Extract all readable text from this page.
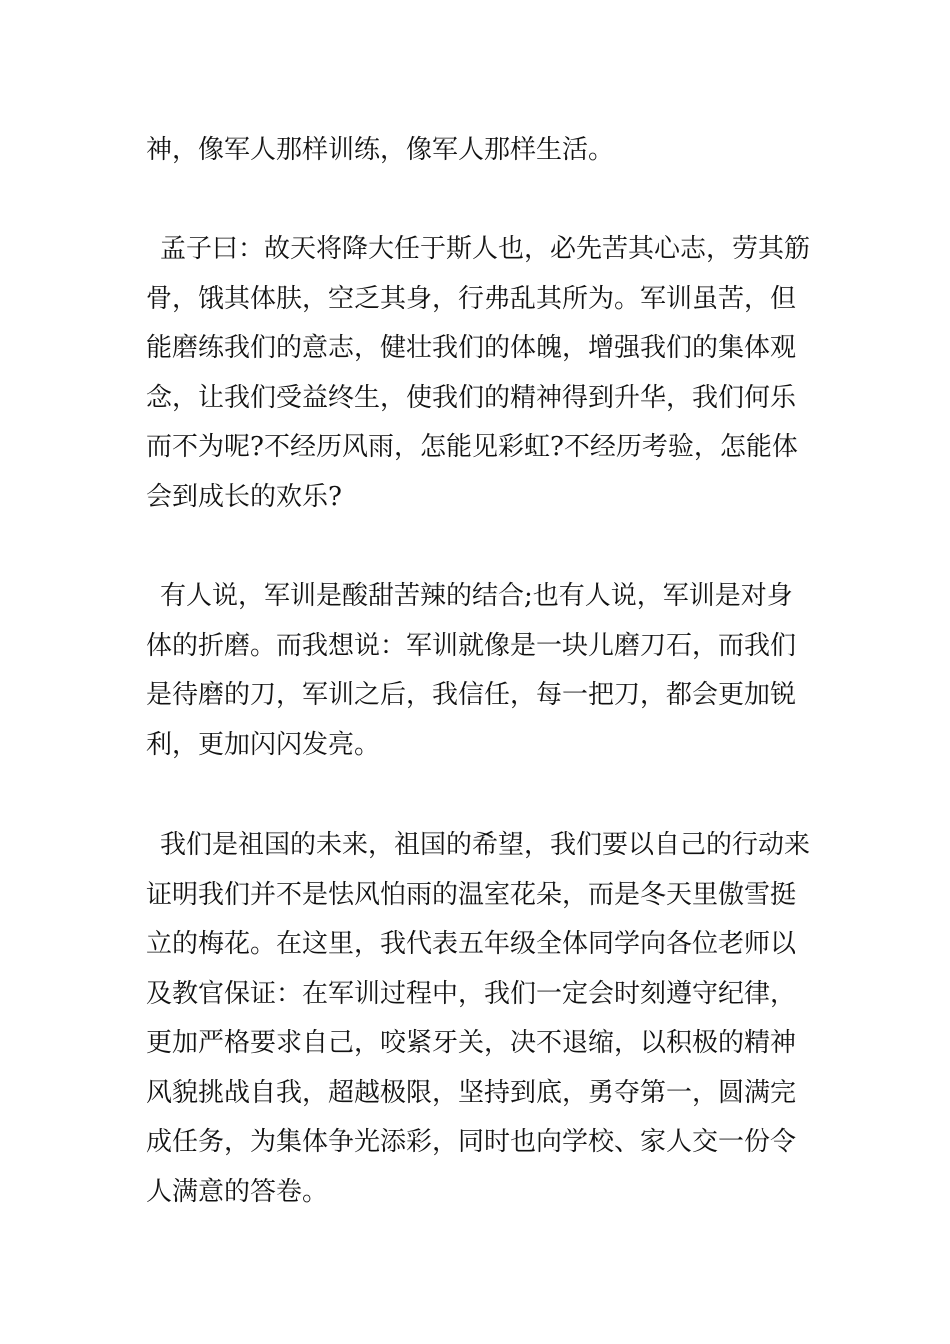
神，像军人那样训练，像军人那样生活。
孟子曰：故天将降大任于斯人也，必先苦其心志，劳其筋
骨，饿其体肤，空乏其身，行弗乱其所为。军训虽苦，但
能磨练我们的意志，健壮我们的体魄，增强我们的集体观
念，让我们受益终生，使我们的精神得到升华，我们何乐
而不为呢?不经历风雨，怎能见彩虹?不经历考验，怎能体
会到成长的欢乐?
有人说，军训是酸甜苦辣的结合;也有人说，军训是对身
体的折磨。而我想说：军训就像是一块儿磨刀石，而我们
是待磨的刀，军训之后，我信任，每一把刀，都会更加锐
利，更加闪闪发亮。
我们是祖国的未来，祖国的希望，我们要以自己的行动来
证明我们并不是怯风怕雨的温室花朵，而是冬天里傲雪挺
立的梅花。在这里，我代表五年级全体同学向各位老师以
及教官保证：在军训过程中，我们一定会时刻遵守纪律，
更加严格要求自己，咬紧牙关，决不退缩，以积极的精神
风貌挑战自我，超越极限，坚持到底，勇夺第一，圆满完
成任务，为集体争光添彩，同时也向学校、家人交一份令
人满意的答卷。
